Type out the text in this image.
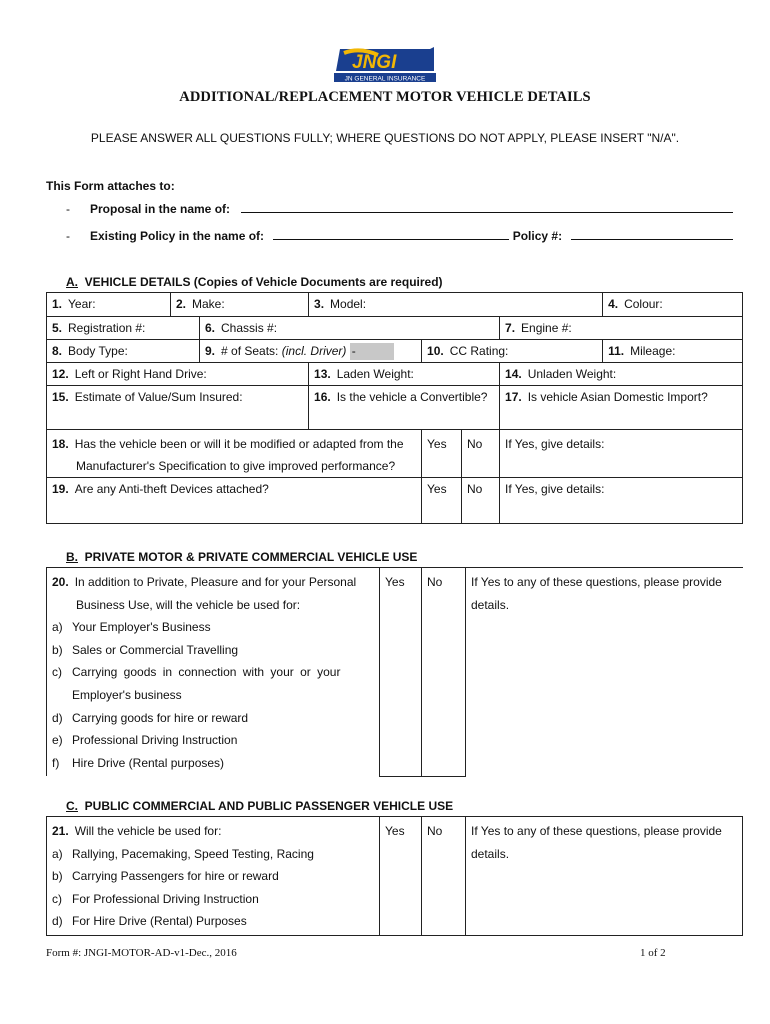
JNGI
JN GENERAL INSURANCE
ADDITIONAL/REPLACEMENT MOTOR VEHICLE DETAILS
PLEASE ANSWER ALL QUESTIONS FULLY; WHERE QUESTIONS DO NOT APPLY, PLEASE INSERT "N/A".
This Form attaches to:
- Proposal in the name of:
- Existing Policy in the name of:	Policy #:
A. VEHICLE DETAILS (Copies of Vehicle Documents are required)
1. Year:	2. Make:		3. Model:				4. Colour:
5. Registration #:		6. Chassis #:				7. Engine #:	
8. Body Type:		9. # of Seats: (incl. Driver) -		10. CC Rating:			11. Mileage:
12. Left or Right Hand Drive:			13. Laden Weight:			14. Unladen Weight:	
15. Estimate of Value/Sum Insured:			16. Is the vehicle a Convertible?			17. Is vehicle Asian Domestic Import?	
18. Has the vehicle been or will it be modified or adapted from the
Manufacturer's Specification to give improved performance?				Yes	No	If Yes, give details:	
19. Are any Anti-theft Devices attached?				Yes	No	If Yes, give details:	
B. PRIVATE MOTOR & PRIVATE COMMERCIAL VEHICLE USE
20. In addition to Private, Pleasure and for your Personal
Business Use, will the vehicle be used for:
a) Your Employer's Business
b) Sales or Commercial Travelling
c) Carrying goods in connection with your or your
Employer's business
d) Carrying goods for hire or reward
e) Professional Driving Instruction
f) Hire Drive (Rental purposes)
	Yes	No	If Yes to any of these questions, please provide
details.
C. PUBLIC COMMERCIAL AND PUBLIC PASSENGER VEHICLE USE
21. Will the vehicle be used for:
a) Rallying, Pacemaking, Speed Testing, Racing
b) Carrying Passengers for hire or reward
c) For Professional Driving Instruction
d) For Hire Drive (Rental) Purposes
	Yes	No	If Yes to any of these questions, please provide
details.
Form #: JNGI-MOTOR-AD-v1-Dec., 2016	1 of 2
